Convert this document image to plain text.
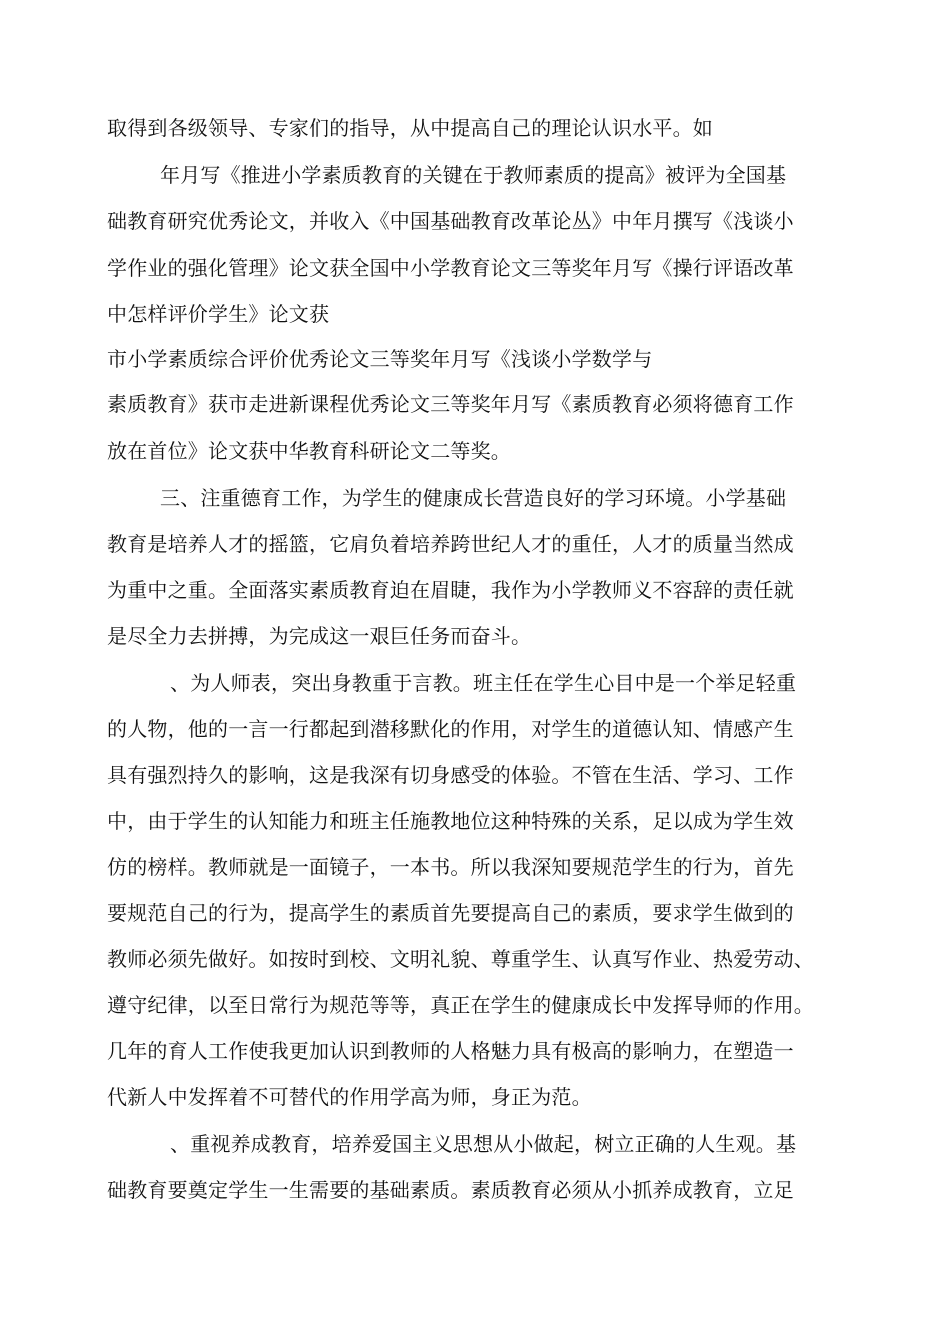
取得到各级领导、专家们的指导，从中提高自己的理论认识水平。如
年月写《推进小学素质教育的关键在于教师素质的提高》被评为全国基
础教育研究优秀论文，并收入《中国基础教育改革论丛》中年月撰写《浅谈小
学作业的强化管理》论文获全国中小学教育论文三等奖年月写《操行评语改革
中怎样评价学生》论文获
市小学素质综合评价优秀论文三等奖年月写《浅谈小学数学与
素质教育》获市走进新课程优秀论文三等奖年月写《素质教育必须将德育工作
放在首位》论文获中华教育科研论文二等奖。
三、注重德育工作，为学生的健康成长营造良好的学习环境。小学基础
教育是培养人才的摇篮，它肩负着培养跨世纪人才的重任，人才的质量当然成
为重中之重。全面落实素质教育迫在眉睫，我作为小学教师义不容辞的责任就
是尽全力去拼搏，为完成这一艰巨任务而奋斗。
、为人师表，突出身教重于言教。班主任在学生心目中是一个举足轻重
的人物，他的一言一行都起到潜移默化的作用，对学生的道德认知、情感产生
具有强烈持久的影响，这是我深有切身感受的体验。不管在生活、学习、工作
中，由于学生的认知能力和班主任施教地位这种特殊的关系，足以成为学生效
仿的榜样。教师就是一面镜子，一本书。所以我深知要规范学生的行为，首先
要规范自己的行为，提高学生的素质首先要提高自己的素质，要求学生做到的
教师必须先做好。如按时到校、文明礼貌、尊重学生、认真写作业、热爱劳动、
遵守纪律，以至日常行为规范等等，真正在学生的健康成长中发挥导师的作用。
几年的育人工作使我更加认识到教师的人格魅力具有极高的影响力，在塑造一
代新人中发挥着不可替代的作用学高为师，身正为范。
、重视养成教育，培养爱国主义思想从小做起，树立正确的人生观。基
础教育要奠定学生一生需要的基础素质。素质教育必须从小抓养成教育，立足
